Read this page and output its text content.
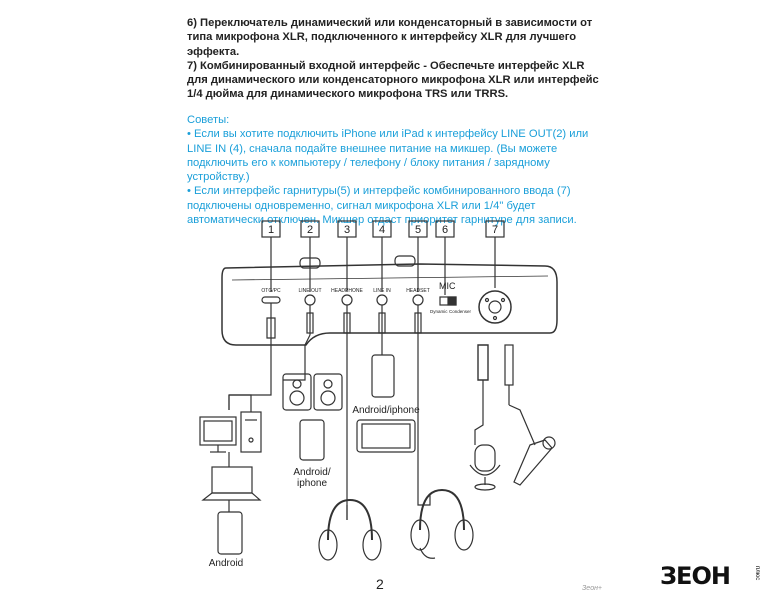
6) Переключатель динамический или конденсаторный в зависимости от типа микрофона XLR, подключенного к интерфейсу XLR для лучшего эффекта.

7) Комбинированный входной интерфейс - Обеспечьте интерфейс XLR для динамического или конденсаторного микрофона XLR или интерфейс 1/4 дюйма для динамического микрофона TRS или TRRS.

Советы:

• Если вы хотите подключить iPhone или iPad к интерфейсу LINE OUT(2) или LINE IN (4), сначала подайте внешнее питание на микшер. (Вы можете подключить его к компьютеру / телефону / блоку питания / зарядному устройству.)

• Если интерфейс гарнитуры(5) и интерфейс комбинированного ввода (7) подключены одновременно, сигнал микрофона XLR или 1/4" будет автоматически отключен. Микшер отдаст приоритет гарнитуре для записи.

1	2	3	4	5 6	7
OTG/PC	LINE OUT HEADPHONE LINE IN	HEADSET MIC
Dynamic Condenser
Android/iphone
Android
Android/ iphone
2	Зеон+ ЗЕОН	плюс
